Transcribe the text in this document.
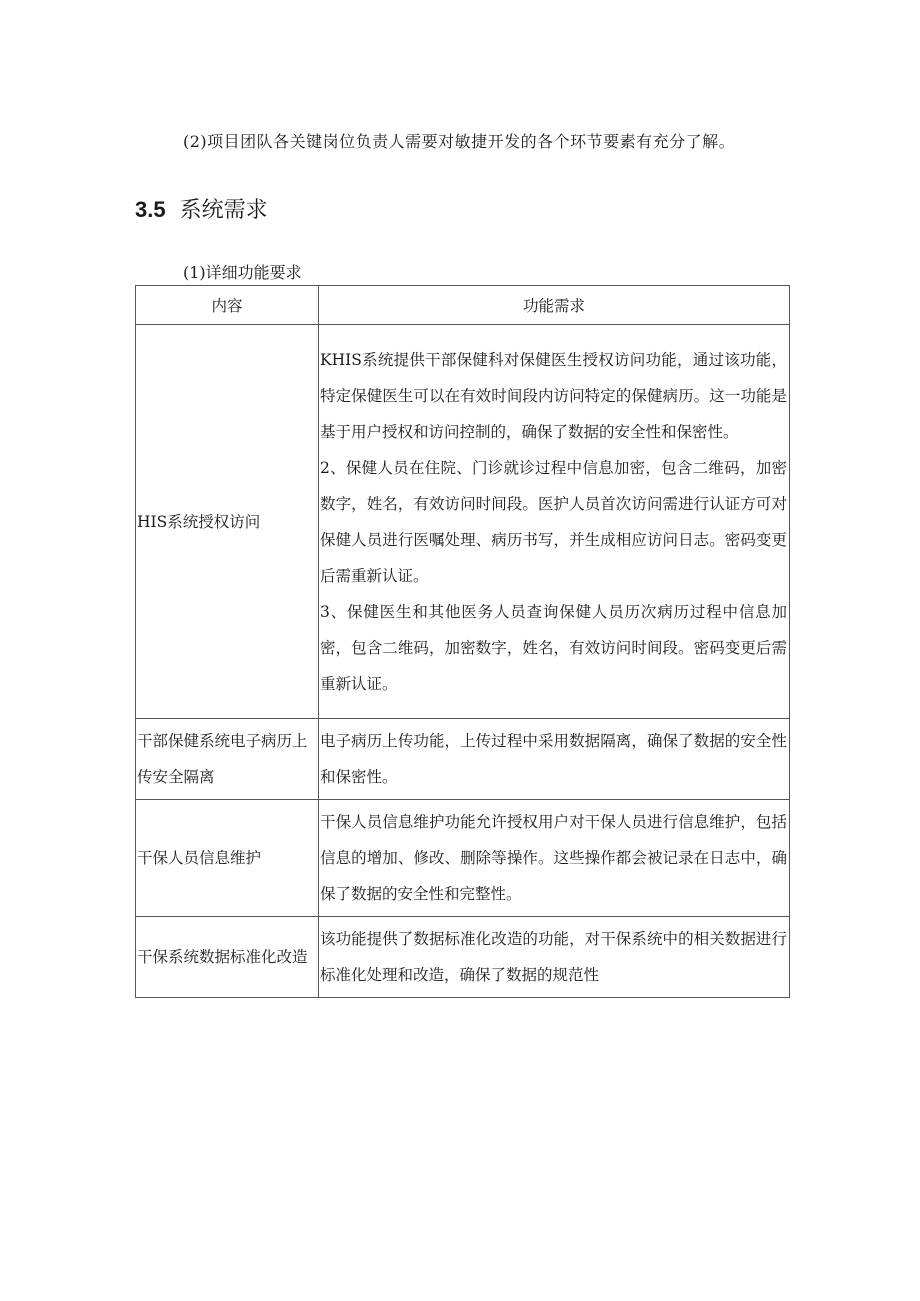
(2)项目团队各关键岗位负责人需要对敏捷开发的各个环节要素有充分了解。
3.5 系统需求
(1)详细功能要求
内容	功能需求
HIS系统授权访问	KHIS系统提供干部保健科对保健医生授权访问功能，通过该功能，特定保健医生可以在有效时间段内访问特定的保健病历。这一功能是基于用户授权和访问控制的，确保了数据的安全性和保密性。
2、保健人员在住院、门诊就诊过程中信息加密，包含二维码，加密数字，姓名，有效访问时间段。医护人员首次访问需进行认证方可对保健人员进行医嘱处理、病历书写，并生成相应访问日志。密码变更后需重新认证。
3、保健医生和其他医务人员查询保健人员历次病历过程中信息加密，包含二维码，加密数字，姓名，有效访问时间段。密码变更后需重新认证。

干部保健系统电子病历上传安全隔离	电子病历上传功能，上传过程中采用数据隔离，确保了数据的安全性和保密性。

干保人员信息维护	干保人员信息维护功能允许授权用户对干保人员进行信息维护，包括信息的增加、修改、删除等操作。这些操作都会被记录在日志中，确保了数据的安全性和完整性。

干保系统数据标准化改造	该功能提供了数据标准化改造的功能，对干保系统中的相关数据进行标准化处理和改造，确保了数据的规范性
